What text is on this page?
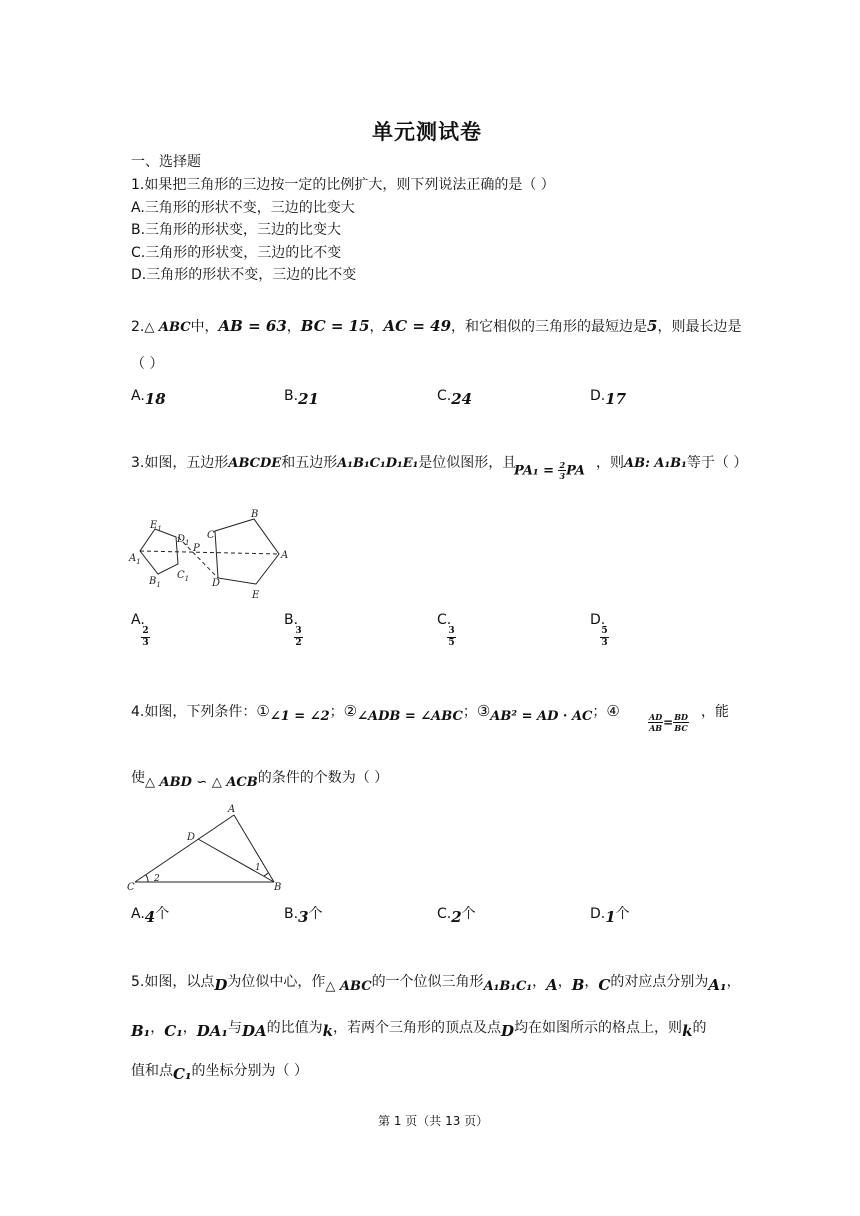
单元测试卷
一、选择题
1.如果把三角形的三边按一定的比例扩大，则下列说法正确的是（ ）
A.三角形的形状不变，三边的比变大
B.三角形的形状变，三边的比变大
C.三角形的形状变，三边的比不变
D.三角形的形状不变，三边的比不变
2.△ ABC中，AB = 63，BC = 15，AC = 49，和它相似的三角形的最短边是5，则最长边是
（ ）
A.18	B.21	C.24	D.17
3.如图，五边形ABCDE和五边形A₁B₁C₁D₁E₁是位似图形，且
$PA_1 = \frac{2}{3}$ PA ，则AB: A₁B₁等于（ ）
$E_1$
$D_1$
$A_1$
$B_1$
$C_1$
P
C
B
A
D
E
A.
2
3
B.
3
2
C.
3
5
D.
5
3
4.如图，下列条件：①∠1 = ∠2；②∠ADB = ∠ABC；③AB² = AD · AC；④
$\frac{AD}{AB} = \frac{BD}{BC}$ ，能
使△ ABD ∽ △ ACB的条件的个数为（ ）
A
D
C	B
1
2
A.4个	B.3个	C.2个	D.1个
5.如图，以点D为位似中心，作△ ABC的一个位似三角形A₁B₁C₁，A，B，C的对应点分别为A₁，
B₁，C₁，DA₁与DA的比值为k，若两个三角形的顶点及点D均在如图所示的格点上，则k的
值和点C₁的坐标分别为（ ）
第 1 页（共 13 页）
